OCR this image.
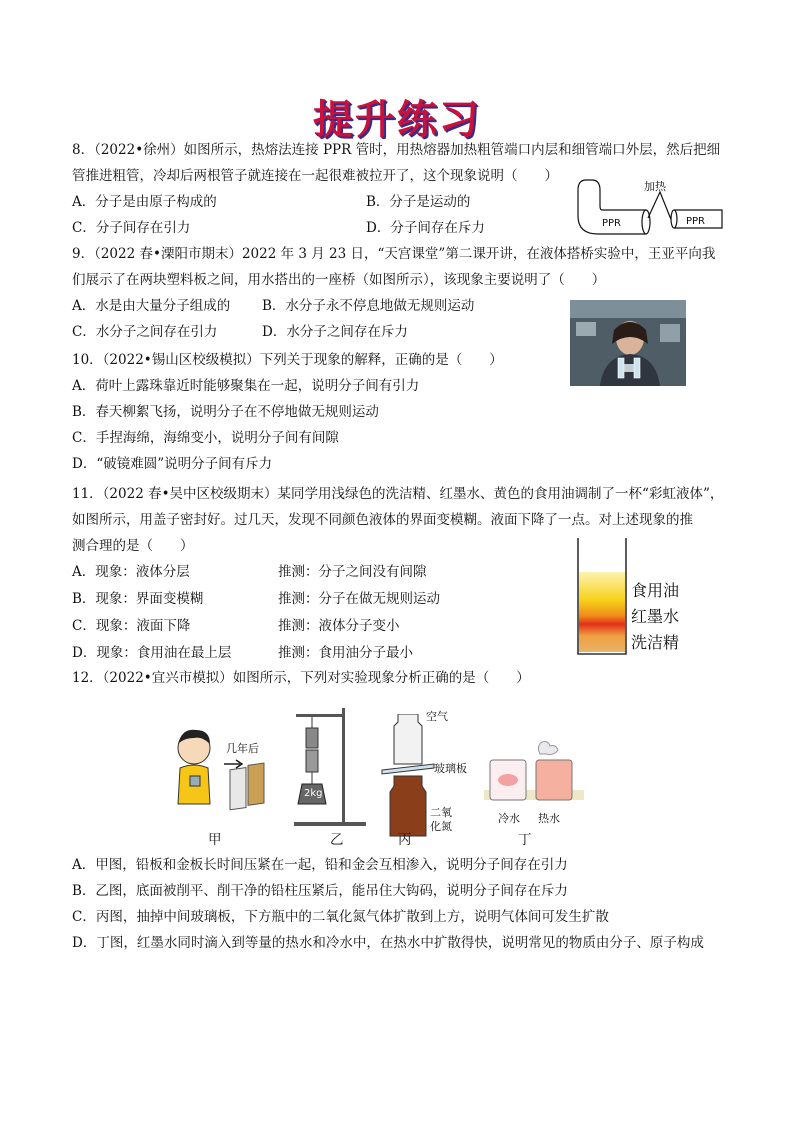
提升练习
8．（2022•徐州）如图所示，热熔法连接 PPR 管时，用热熔器加热粗管端口内层和细管端口外层，然后把细
管推进粗管，冷却后两根管子就连接在一起很难被拉开了，这个现象说明（　　）
A．分子是由原子构成的	B．分子是运动的
C．分子间存在引力	D．分子间存在斥力
加热
PPR	PPR
9．（2022 春•溧阳市期末）2022 年 3 月 23 日，“天宫课堂”第二课开讲，在液体搭桥实验中，王亚平向我
们展示了在两块塑料板之间，用水搭出的一座桥（如图所示），该现象主要说明了（　　）
A．水是由大量分子组成的 B．水分子永不停息地做无规则运动
C．水分子之间存在引力	D．水分子之间存在斥力
10．（2022•锡山区校级模拟）下列关于现象的解释，正确的是（　　）
A．荷叶上露珠靠近时能够聚集在一起，说明分子间有引力
B．春天柳絮飞扬，说明分子在不停地做无规则运动
C．手捏海绵，海绵变小，说明分子间有间隙
D．“破镜难圆”说明分子间有斥力
11．（2022 春•吴中区校级期末）某同学用浅绿色的洗洁精、红墨水、黄色的食用油调制了一杯“彩虹液体”，
如图所示，用盖子密封好。过几天，发现不同颜色液体的界面变模糊。液面下降了一点。对上述现象的推
测合理的是（　　）
A．现象：液体分层	推测：分子之间没有间隙
B．现象：界面变模糊	推测：分子在做无规则运动
C．现象：液面下降	推测：液体分子变小
D．现象：食用油在最上层	推测：食用油分子最小
食用油
红墨水
洗洁精
12．（2022•宜兴市模拟）如图所示，下列对实验现象分析正确的是（　　）
几年后
2kg
空气
玻璃板
二氧
化氮
冷水 热水
甲	乙	丙	丁
A．甲图，铅板和金板长时间压紧在一起，铅和金会互相渗入，说明分子间存在引力
B．乙图，底面被削平、削干净的铅柱压紧后，能吊住大钩码，说明分子间存在斥力
C．丙图，抽掉中间玻璃板，下方瓶中的二氧化氮气体扩散到上方，说明气体间可发生扩散
D．丁图，红墨水同时滴入到等量的热水和冷水中，在热水中扩散得快，说明常见的物质由分子、原子构成
